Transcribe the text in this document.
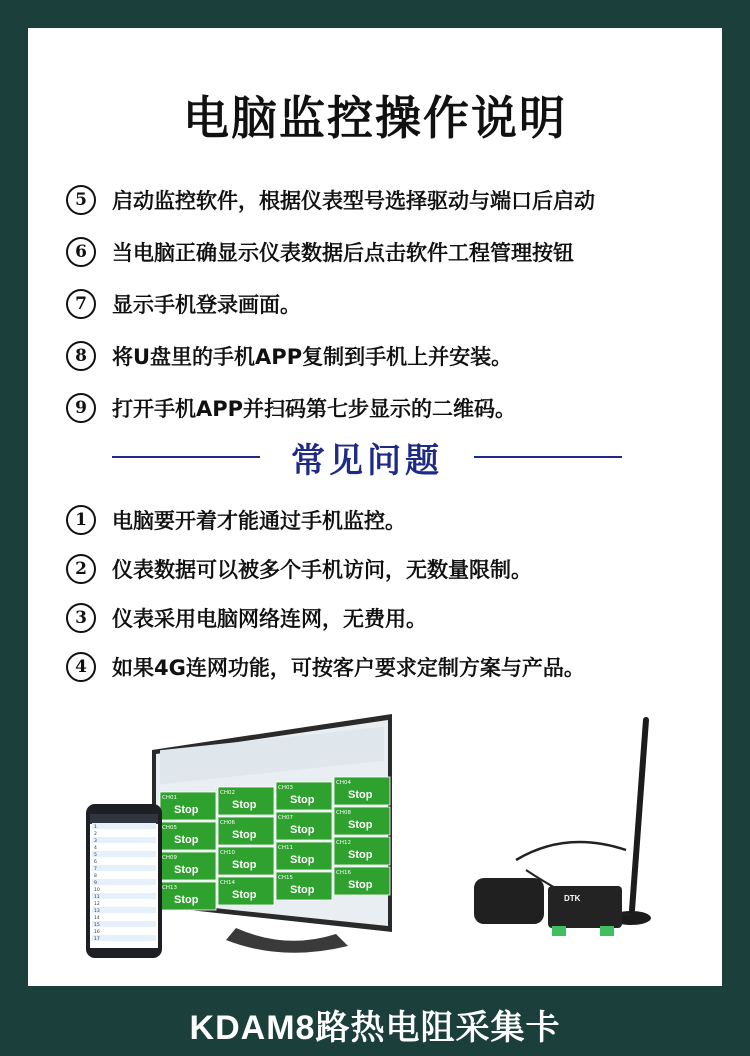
电脑监控操作说明
5	启动监控软件，根据仪表型号选择驱动与端口后启动
6	当电脑正确显示仪表数据后点击软件工程管理按钮
7	显示手机登录画面。
8	将U盘里的手机APP复制到手机上并安装。
9	打开手机APP并扫码第七步显示的二维码。
常见问题
1	电脑要开着才能通过手机监控。
2	仪表数据可以被多个手机访问，无数量限制。
3	仪表采用电脑网络连网，无费用。
4	如果4G连网功能，可按客户要求定制方案与产品。
CH01
Stop
CH02
Stop
CH03
Stop
CH04
Stop
CH05
Stop
CH06
Stop
CH07
Stop
CH08
Stop
CH09
Stop
CH10
Stop
CH11
Stop
CH12
Stop
CH13
Stop
CH14
Stop
CH15
Stop
CH16
Stop
1
2
3
4
5
6
7
8
9
10
11
12
13
14
15
16
17
DTK
KDAM8路热电阻采集卡
